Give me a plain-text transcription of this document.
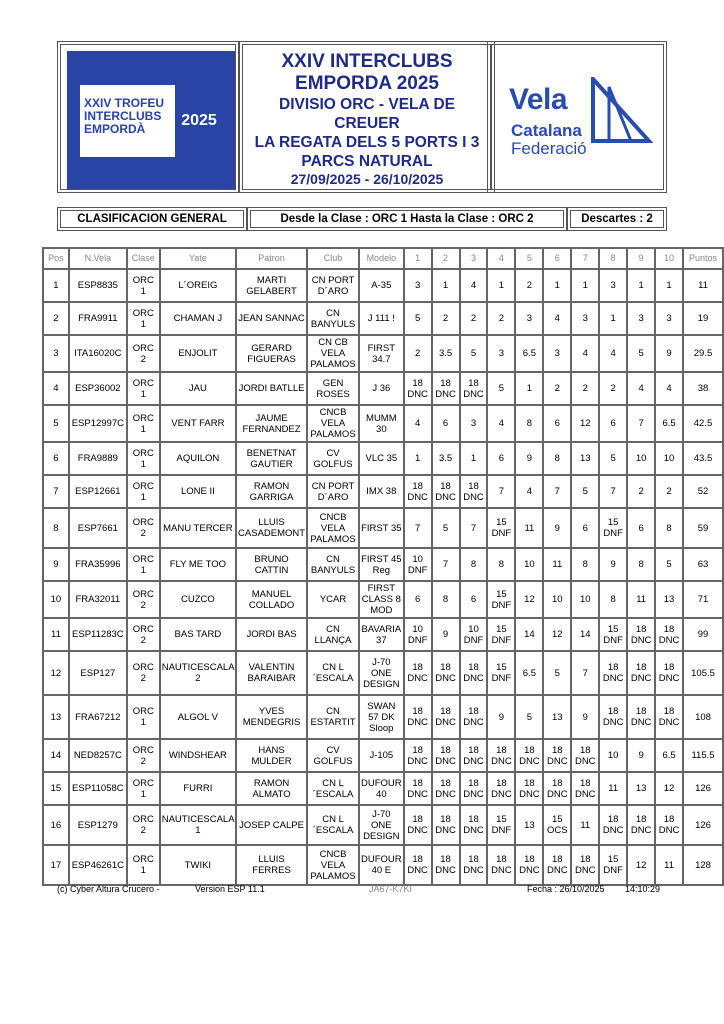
XXIV TROFEU
INTERCLUBS
EMPORDÀ	2025
XXIV INTERCLUBS
EMPORDA 2025
DIVISIO ORC - VELA DE
CREUER
LA REGATA DELS 5 PORTS I 3
PARCS NATURAL
27/09/2025 - 26/10/2025
Vela
Catalana
Federació
CLASIFICACION GENERAL	Desde la Clase : ORC 1 Hasta la Clase : ORC 2	Descartes : 2
Pos	N.Vela	Clase	Yate	Patron	Club	Modelo	1	2	3	4	5	6	7	8	9	10	Puntos

1	ESP8835	ORC 1	L´OREIG	MARTI GELABERT	CN PORT D´ARO	A-35	3	1	4	1	2	1	1	3	1	1	11

2	FRA9911	ORC 1	CHAMAN J	JEAN SANNAC	CN BANYULS	J 111 !	5	2	2	2	3	4	3	1	3	3	19

3	ITA16020C	ORC 2	ENJOLIT	GERARD FIGUERAS	CN CB VELA PALAMOS	FIRST 34.7	2	3.5	5	3	6.5	3	4	4	5	9	29.5

4	ESP36002	ORC 1	JAU	JORDI BATLLE	GEN ROSES	J 36	18 DNC	18 DNC	18 DNC	5	1	2	2	2	4	4	38

5	ESP12997C	ORC 1	VENT FARR	JAUME FERNANDEZ	CNCB VELA PALAMOS	MUMM 30	4	6	3	4	8	6	12	6	7	6.5	42.5

6	FRA9889	ORC 1	AQUILON	BENETNAT GAUTIER	CV GOLFUS	VLC 35	1	3.5	1	6	9	8	13	5	10	10	43.5

7	ESP12661	ORC 1	LONE II	RAMON GARRIGA	CN PORT D´ARO	IMX 38	18 DNC	18 DNC	18 DNC	7	4	7	5	7	2	2	52

8	ESP7661	ORC 2	MANU TERCER	LLUIS CASADEMONT	CNCB VELA PALAMOS	FIRST 35	7	5	7	15 DNF	11	9	6	15 DNF	6	8	59

9	FRA35996	ORC 1	FLY ME TOO	BRUNO CATTIN	CN BANYULS	FIRST 45 Reg	10 DNF	7	8	8	10	11	8	9	8	5	63

10	FRA32011	ORC 2	CUZCO	MANUEL COLLADO	YCAR	FIRST CLASS 8 MOD	6	8	6	15 DNF	12	10	10	8	11	13	71

11	ESP11283C	ORC 2	BAS TARD	JORDI BAS	CN LLANÇA	BAVARIA 37	10 DNF	9	10 DNF	15 DNF	14	12	14	15 DNF	18 DNC	18 DNC	99

12	ESP127	ORC 2	NAUTICESCALA 2	VALENTIN BARAIBAR	CN L ´ESCALA	J-70 ONE DESIGN	18 DNC	18 DNC	18 DNC	15 DNF	6.5	5	7	18 DNC	18 DNC	18 DNC	105.5

13	FRA67212	ORC 1	ALGOL V	YVES MENDEGRIS	CN ESTARTIT	SWAN 57 DK Sloop	18 DNC	18 DNC	18 DNC	9	5	13	9	18 DNC	18 DNC	18 DNC	108

14	NED8257C	ORC 2	WINDSHEAR	HANS MULDER	CV GOLFUS	J-105	18 DNC	18 DNC	18 DNC	18 DNC	18 DNC	18 DNC	18 DNC	10	9	6.5	115.5

15	ESP11058C	ORC 1	FURRI	RAMON ALMATO	CN L ´ESCALA	DUFOUR 40	18 DNC	18 DNC	18 DNC	18 DNC	18 DNC	18 DNC	18 DNC	11	13	12	126

16	ESP1279	ORC 2	NAUTICESCALA 1	JOSEP CALPE	CN L ´ESCALA	J-70 ONE DESIGN	18 DNC	18 DNC	18 DNC	15 DNF	13	15 OCS	11	18 DNC	18 DNC	18 DNC	126

17	ESP46261C	ORC 1	TWIKI	LLUIS FERRES	CNCB VELA PALAMOS	DUFOUR 40 E	18 DNC	18 DNC	18 DNC	18 DNC	18 DNC	18 DNC	18 DNC	15 DNF	12	11	128
(c) Cyber Altura Crucero -	Version ESP 11.1	JA67-K7KI	Fecha : 26/10/2025 14:10:29
